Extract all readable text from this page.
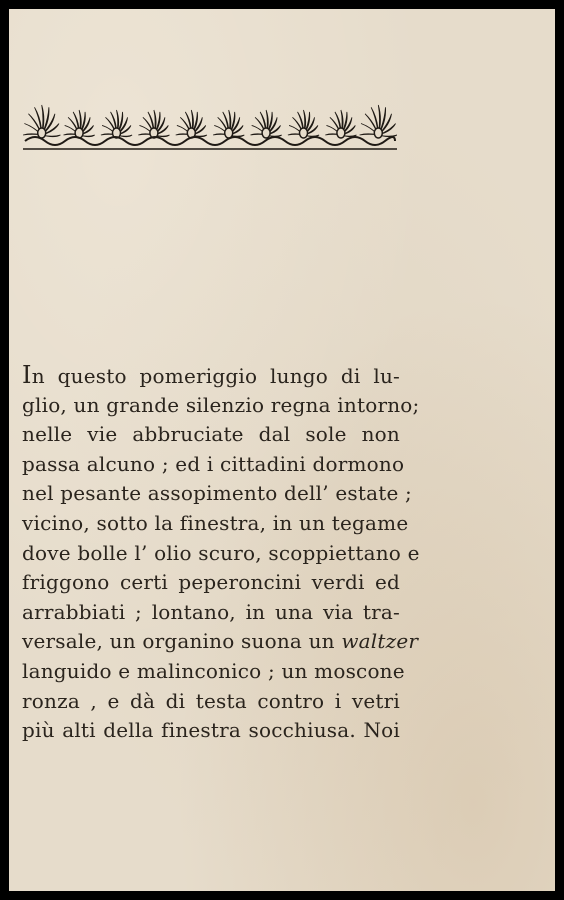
In questo pomeriggio lungo di lu-
glio, un grande silenzio regna intorno;
nelle vie abbruciate dal sole non
passa alcuno ; ed i cittadini dormono
nel pesante assopimento dell’ estate ;
vicino, sotto la finestra, in un tegame
dove bolle l’ olio scuro, scoppiettano e
friggono certi peperoncini verdi ed
arrabbiati ; lontano, in una via tra-
versale, un organino suona un waltzer
languido e malinconico ; un moscone
ronza , e dà di testa contro i vetri
più alti della finestra socchiusa. Noi
